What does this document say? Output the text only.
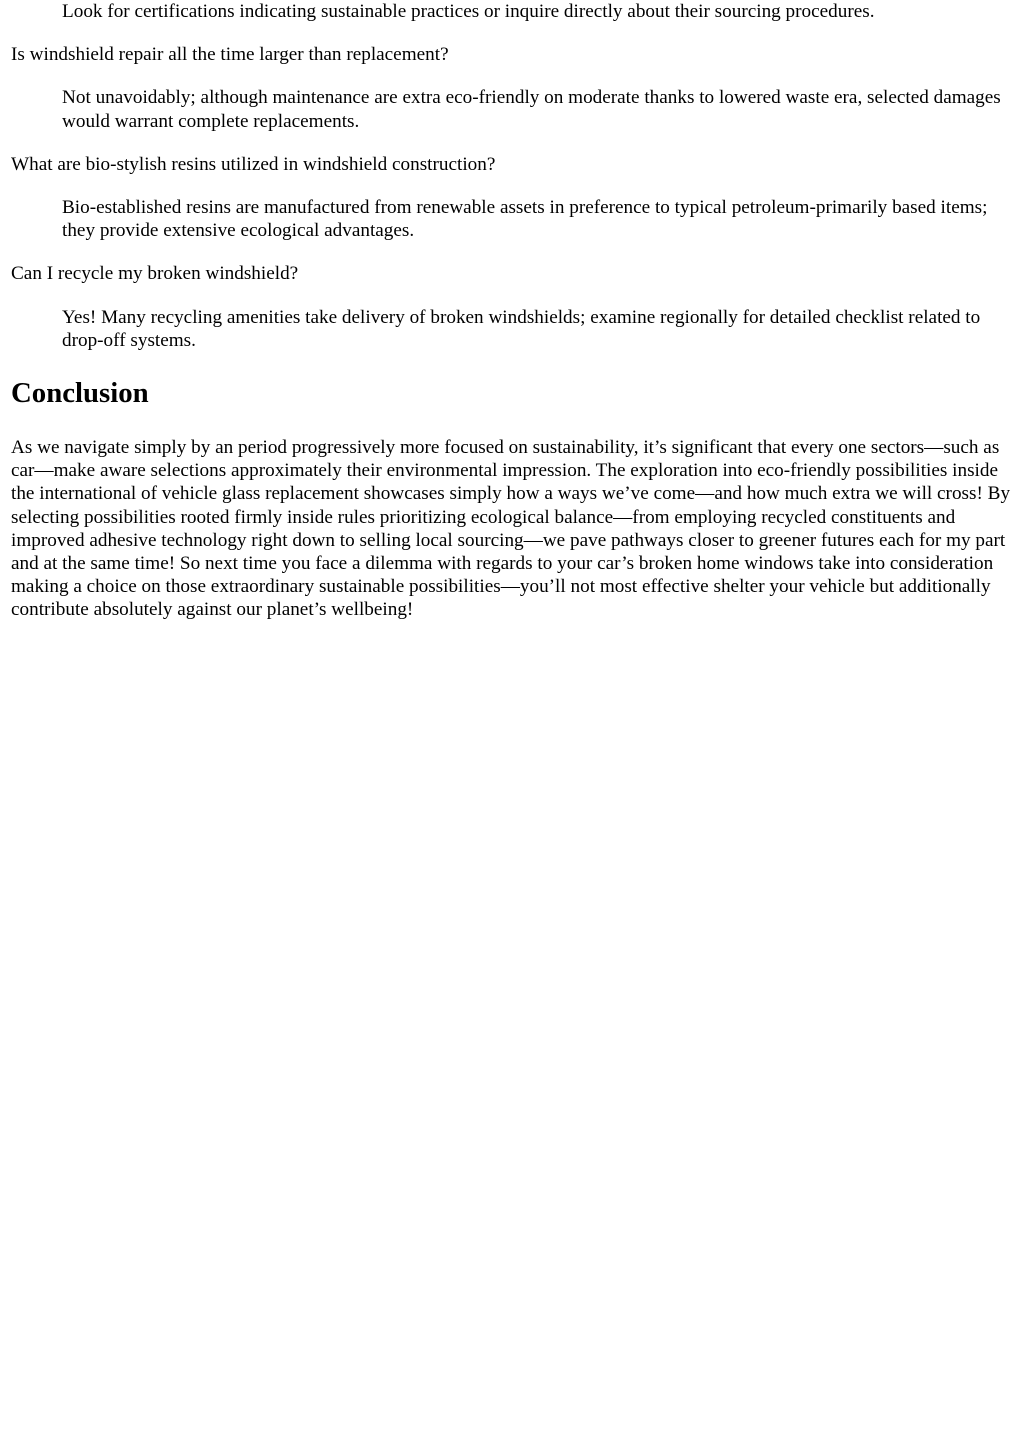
Look for certifications indicating sustainable practices or inquire directly about their sourcing procedures.

Is windshield repair all the time larger than replacement?

Not unavoidably; although maintenance are extra eco-friendly on moderate thanks to lowered waste era, selected damages would warrant complete replacements.

What are bio-stylish resins utilized in windshield construction?

Bio-established resins are manufactured from renewable assets in preference to typical petroleum-primarily based items; they provide extensive ecological advantages.

Can I recycle my broken windshield?

Yes! Many recycling amenities take delivery of broken windshields; examine regionally for detailed checklist related to drop-off systems.

Conclusion

As we navigate simply by an period progressively more focused on sustainability, it’s significant that every one sectors—such as car—make aware selections approximately their environmental impression. The exploration into eco-friendly possibilities inside the international of vehicle glass replacement showcases simply how a ways we’ve come—and how much extra we will cross! By selecting possibilities rooted firmly inside rules prioritizing ecological balance—from employing recycled constituents and improved adhesive technology right down to selling local sourcing—we pave pathways closer to greener futures each for my part and at the same time! So next time you face a dilemma with regards to your car’s broken home windows take into consideration making a choice on those extraordinary sustainable possibilities—you’ll not most effective shelter your vehicle but additionally contribute absolutely against our planet’s wellbeing!
